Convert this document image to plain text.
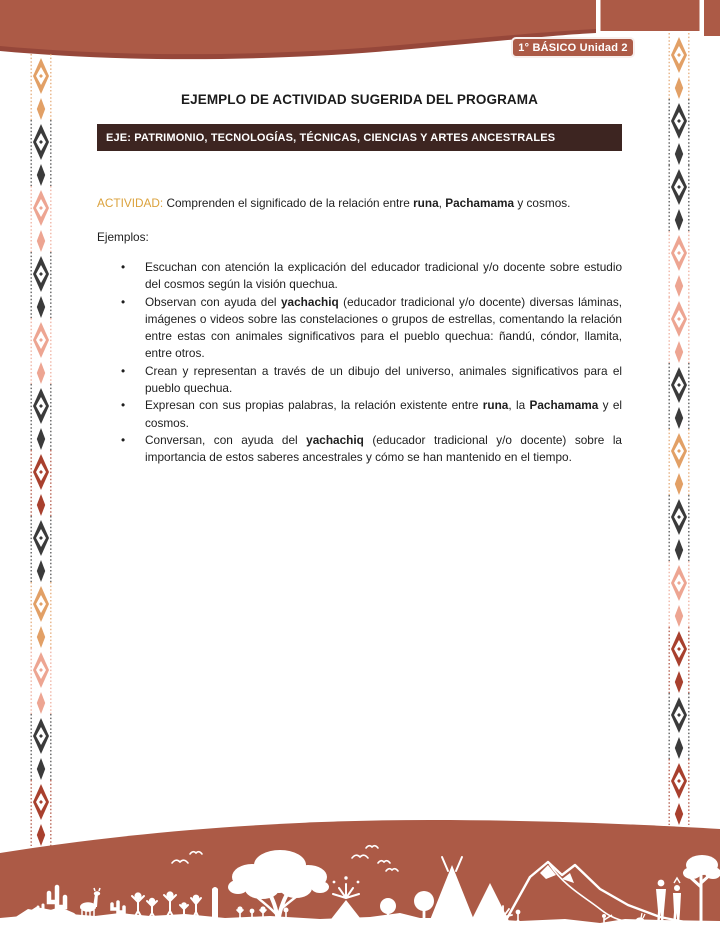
1° BÁSICO Unidad 2
EJEMPLO DE ACTIVIDAD SUGERIDA DEL PROGRAMA
EJE: PATRIMONIO, TECNOLOGÍAS, TÉCNICAS, CIENCIAS Y ARTES ANCESTRALES

ACTIVIDAD: Comprenden el significado de la relación entre runa, Pachamama y cosmos.

Ejemplos:

• Escuchan con atención la explicación del educador tradicional y/o docente sobre estudio del cosmos según la visión quechua.
• Observan con ayuda del yachachiq (educador tradicional y/o docente) diversas láminas, imágenes o videos sobre las constelaciones o grupos de estrellas, comentando la relación entre estas con animales significativos para el pueblo quechua: ñandú, cóndor, llamita, entre otros.
• Crean y representan a través de un dibujo del universo, animales significativos para el pueblo quechua.
• Expresan con sus propias palabras, la relación existente entre runa, la Pachamama y el cosmos.
• Conversan, con ayuda del yachachiq (educador tradicional y/o docente) sobre la importancia de estos saberes ancestrales y cómo se han mantenido en el tiempo.
